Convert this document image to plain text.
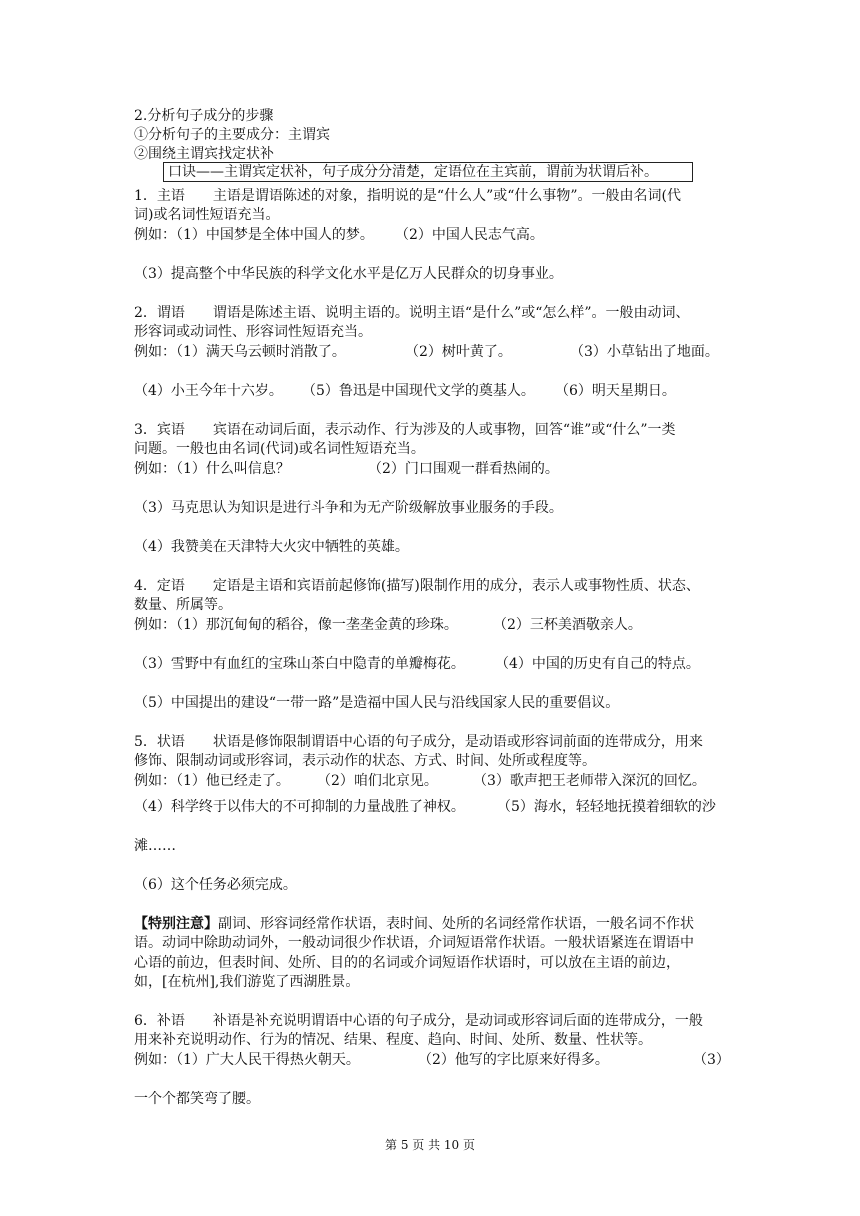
2.分析句子成分的步骤
①分析句子的主要成分：主谓宾
②围绕主谓宾找定状补
口诀——主谓宾定状补，句子成分分清楚，定语位在主宾前，谓前为状谓后补。
1．主语　　主语是谓语陈述的对象，指明说的是“什么人”或“什么事物”。一般由名词(代
词)或名词性短语充当。
例如：（1）中国梦是全体中国人的梦。 （2）中国人民志气高。
（3）提高整个中华民族的科学文化水平是亿万人民群众的切身事业。
2．谓语　　谓语是陈述主语、说明主语的。说明主语“是什么”或“怎么样”。一般由动词、
形容词或动词性、形容词性短语充当。
例如：（1）满天乌云顿时消散了。	（2）树叶黄了。	（3）小草钻出了地面。
（4）小王今年十六岁。 （5）鲁迅是中国现代文学的奠基人。 （6）明天星期日。
3．宾语　　宾语在动词后面，表示动作、行为涉及的人或事物，回答“谁”或“什么”一类
问题。一般也由名词(代词)或名词性短语充当。
例如：（1）什么叫信息？	（2）门口围观一群看热闹的。
（3）马克思认为知识是进行斗争和为无产阶级解放事业服务的手段。
（4）我赞美在天津特大火灾中牺牲的英雄。
4．定语　　定语是主语和宾语前起修饰(描写)限制作用的成分，表示人或事物性质、状态、
数量、所属等。
例如：（1）那沉甸甸的稻谷，像一垄垄金黄的珍珠。	（2）三杯美酒敬亲人。
（3）雪野中有血红的宝珠山茶白中隐青的单瓣梅花。 （4）中国的历史有自己的特点。
（5）中国提出的建设“一带一路”是造福中国人民与沿线国家人民的重要倡议。
5．状语　　状语是修饰限制谓语中心语的句子成分，是动语或形容词前面的连带成分，用来
修饰、限制动词或形容词，表示动作的状态、方式、时间、处所或程度等。
例如：（1）他已经走了。 （2）咱们北京见。	（3）歌声把王老师带入深沉的回忆。
（4）科学终于以伟大的不可抑制的力量战胜了神权。 （5）海水，轻轻地抚摸着细软的沙
滩……
（6）这个任务必须完成。
【特别注意】副词、形容词经常作状语，表时间、处所的名词经常作状语，一般名词不作状
语。动词中除助动词外，一般动词很少作状语，介词短语常作状语。一般状语紧连在谓语中
心语的前边，但表时间、处所、目的的名词或介词短语作状语时，可以放在主语的前边，
如，[在杭州],我们游览了西湖胜景。
6．补语　　补语是补充说明谓语中心语的句子成分，是动词或形容词后面的连带成分，一般
用来补充说明动作、行为的情况、结果、程度、趋向、时间、处所、数量、性状等。
例如：（1）广大人民干得热火朝天。	（2）他写的字比原来好得多。	（3）
一个个都笑弯了腰。
第 5 页 共 10 页
